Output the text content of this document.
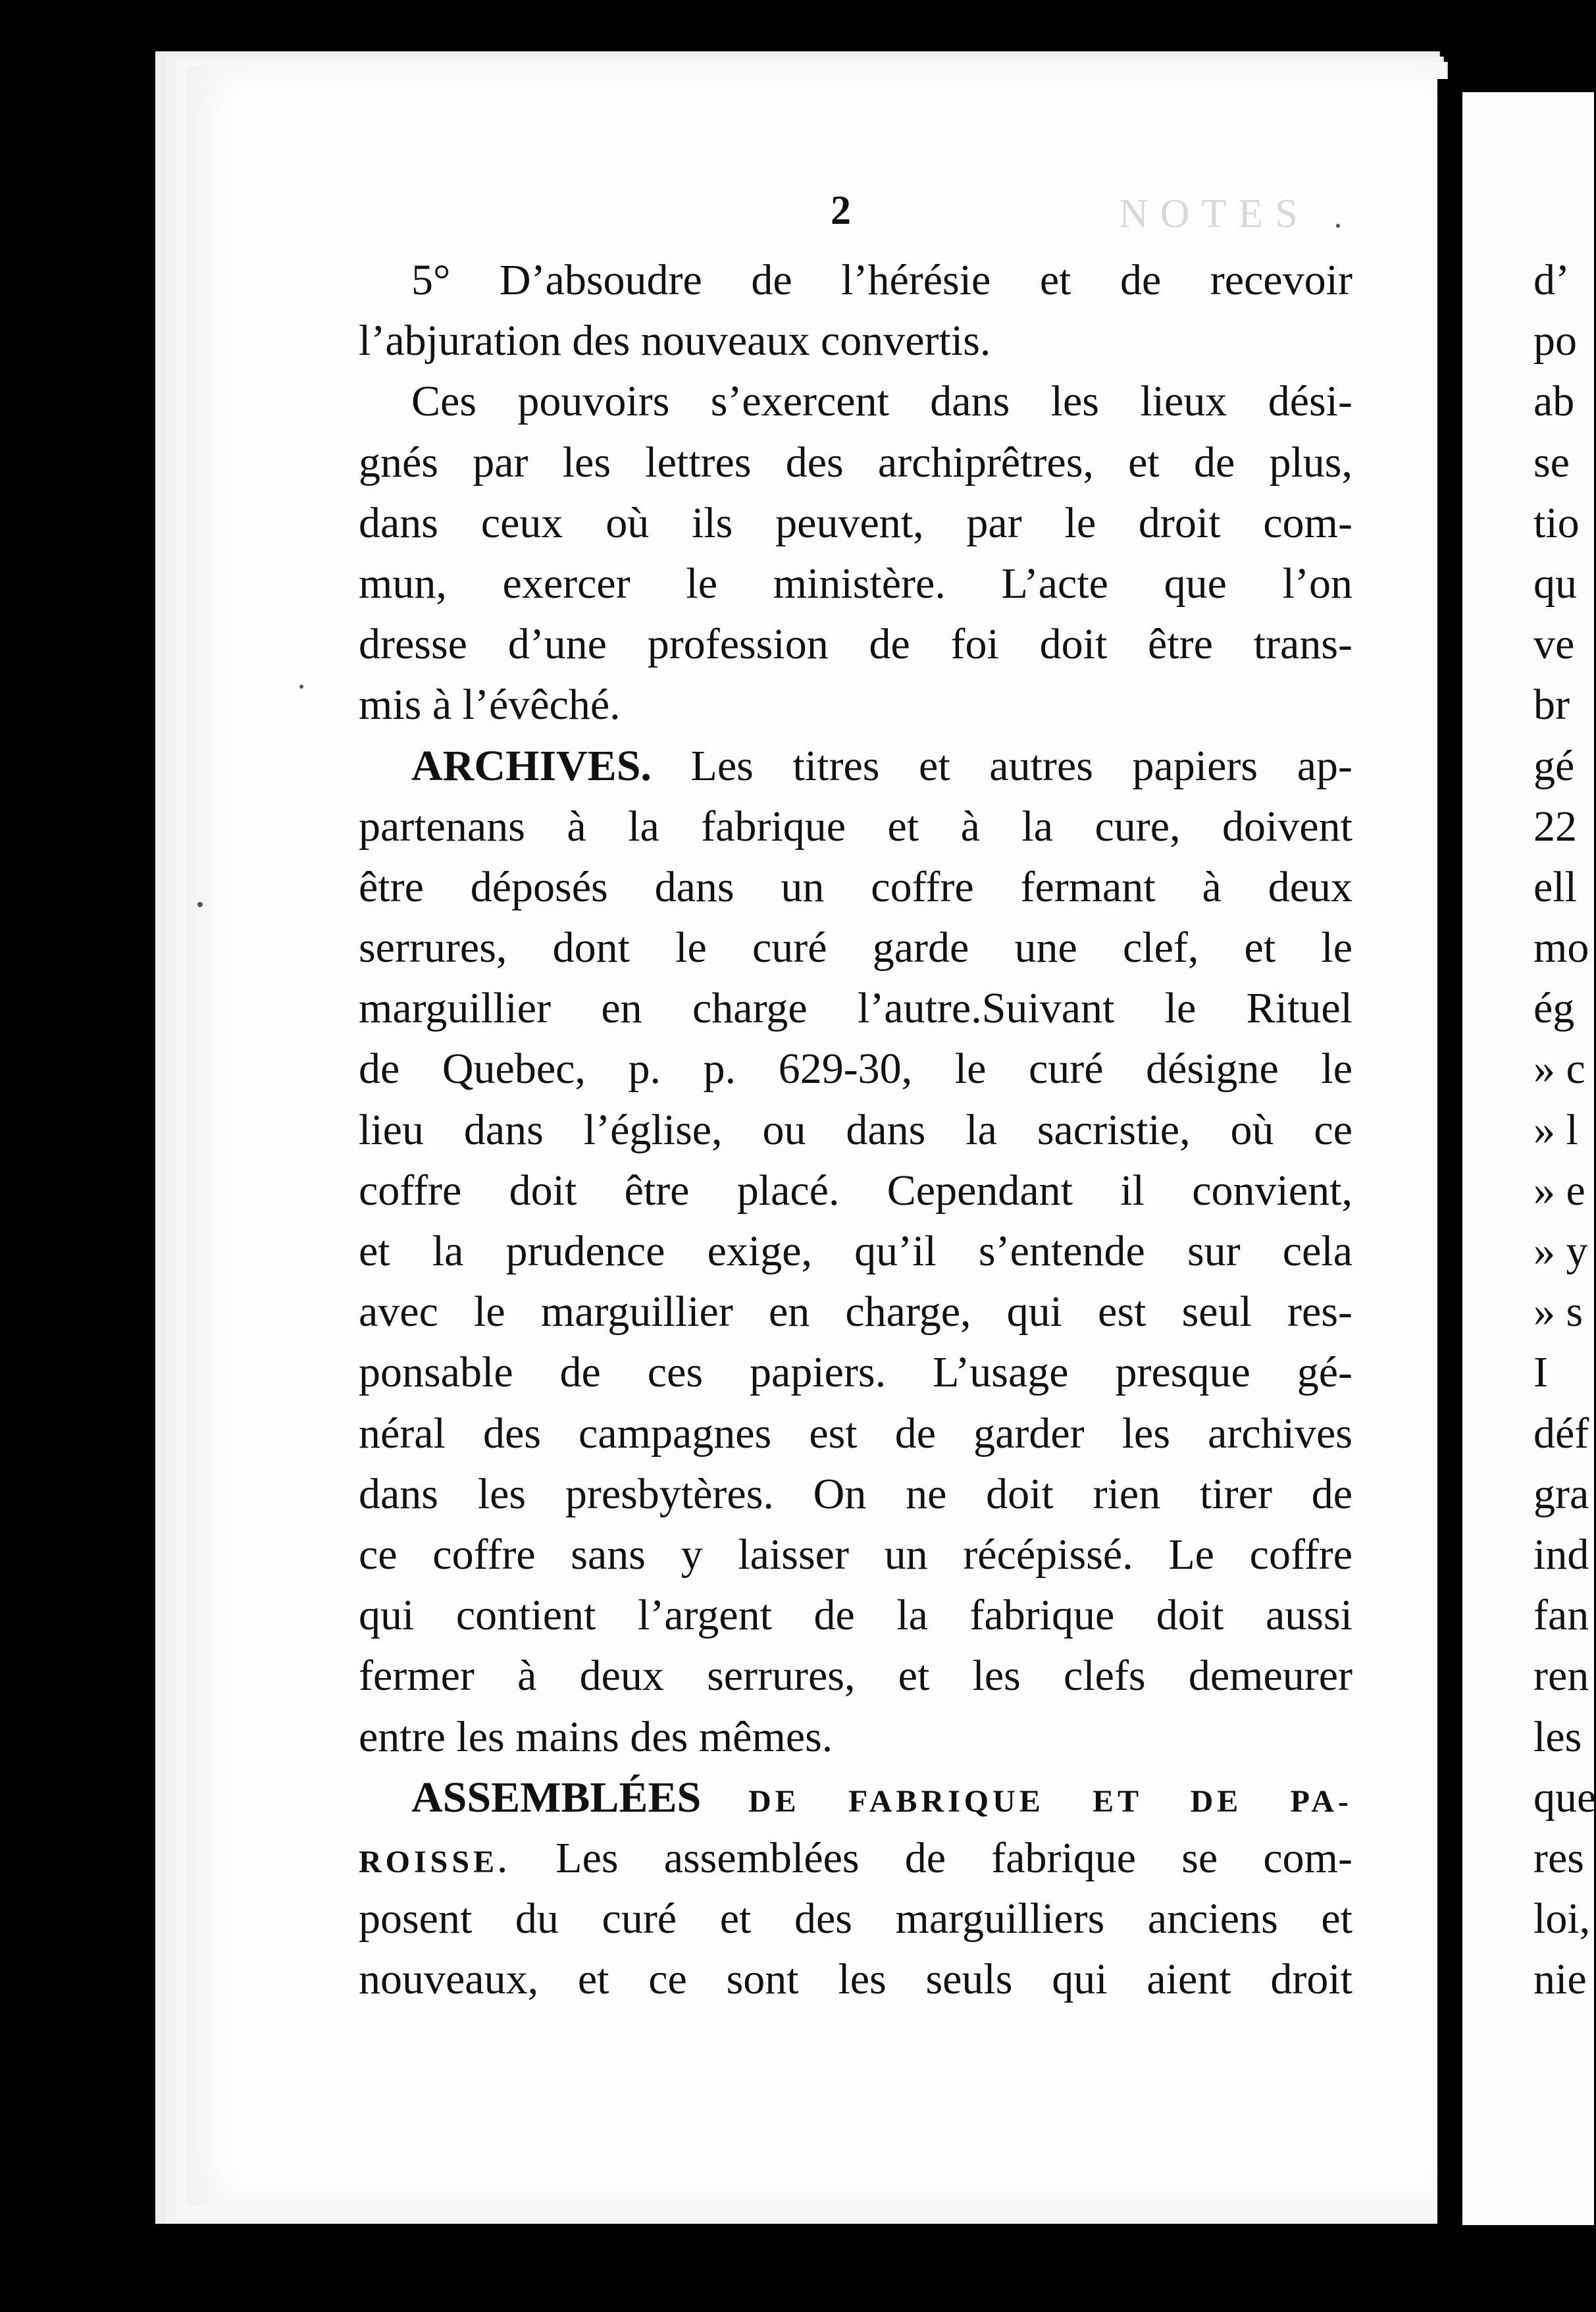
NOTES
2
5° D’absoudre de l’hérésie et de recevoir
l’abjuration des nouveaux convertis.
Ces pouvoirs s’exercent dans les lieux dési-
gnés par les lettres des archiprêtres, et de plus,
dans ceux où ils peuvent, par le droit com-
mun, exercer le ministère. L’acte que l’on
dresse d’une profession de foi doit être trans-
mis à l’évêché.
ARCHIVES. Les titres et autres papiers ap-
partenans à la fabrique et à la cure, doivent
être déposés dans un coffre fermant à deux
serrures, dont le curé garde une clef, et le
marguillier en charge l’autre.Suivant le Rituel
de Quebec, p. p. 629-30, le curé désigne le
lieu dans l’église, ou dans la sacristie, où ce
coffre doit être placé. Cependant il convient,
et la prudence exige, qu’il s’entende sur cela
avec le marguillier en charge, qui est seul res-
ponsable de ces papiers. L’usage presque gé-
néral des campagnes est de garder les archives
dans les presbytères. On ne doit rien tirer de
ce coffre sans y laisser un récépissé. Le coffre
qui contient l’argent de la fabrique doit aussi
fermer à deux serrures, et les clefs demeurer
entre les mains des mêmes.
ASSEMBLÉES DE FABRIQUE ET DE PA-
ROISSE. Les assemblées de fabrique se com-
posent du curé et des marguilliers anciens et
nouveaux, et ce sont les seuls qui aient droit
d’
po
ab
se
tio
qu
ve
br
gé
22
ell
mo
ég
» c
» l
» e
» y
» s
I
déf
gra
ind
fan
ren
les
que
res
loi,
nie
